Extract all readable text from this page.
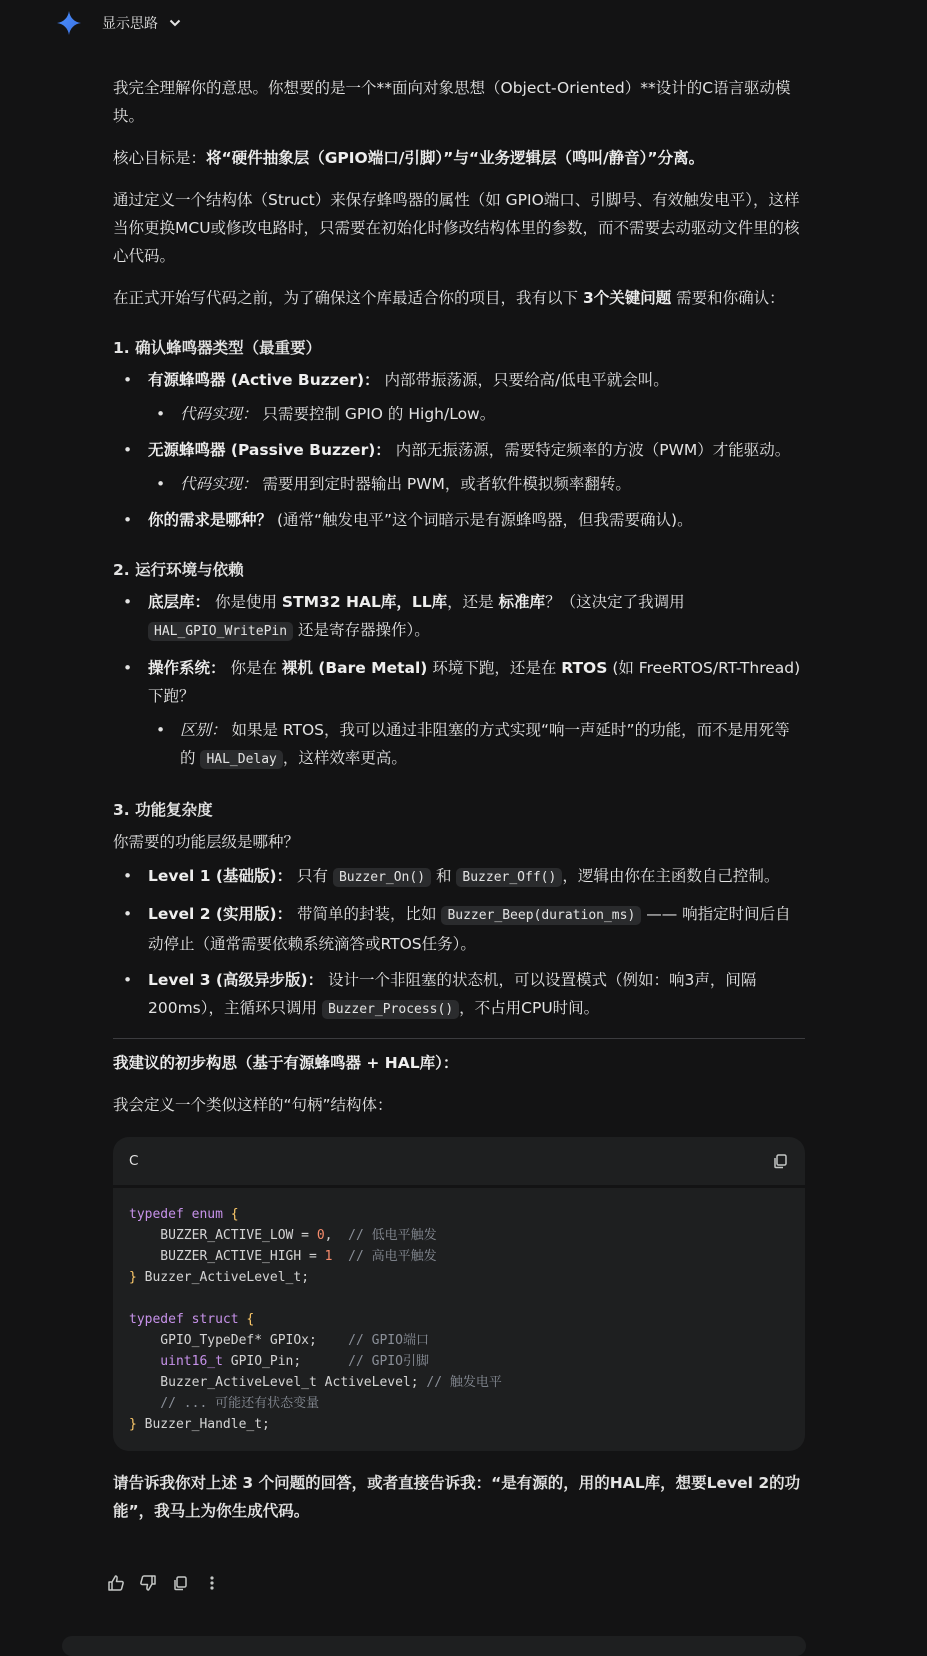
显示思路

我完全理解你的意思。你想要的是一个**面向对象思想（Object-Oriented）**设计的C语言驱动模块。

核心目标是：将“硬件抽象层（GPIO端口/引脚）”与“业务逻辑层（鸣叫/静音）”分离。

通过定义一个结构体（Struct）来保存蜂鸣器的属性（如 GPIO端口、引脚号、有效触发电平），这样当你更换MCU或修改电路时，只需要在初始化时修改结构体里的参数，而不需要去动驱动文件里的核心代码。

在正式开始写代码之前，为了确保这个库最适合你的项目，我有以下 3个关键问题 需要和你确认：

1. 确认蜂鸣器类型（最重要）
• 有源蜂鸣器 (Active Buzzer)： 内部带振荡源，只要给高/低电平就会叫。
• 代码实现： 只需要控制 GPIO 的 High/Low。
• 无源蜂鸣器 (Passive Buzzer)： 内部无振荡源，需要特定频率的方波（PWM）才能驱动。
• 代码实现： 需要用到定时器输出 PWM，或者软件模拟频率翻转。
• 你的需求是哪种？ (通常“触发电平”这个词暗示是有源蜂鸣器，但我需要确认)。
2. 运行环境与依赖
• 底层库： 你是使用 STM32 HAL库，LL库，还是 标准库？（这决定了我调用 HAL_GPIO_WritePin 还是寄存器操作）。
• 操作系统： 你是在 裸机 (Bare Metal) 环境下跑，还是在 RTOS (如 FreeRTOS/RT-Thread) 下跑？
• 区别： 如果是 RTOS，我可以通过非阻塞的方式实现“响一声延时”的功能，而不是用死等的 HAL_Delay ，这样效率更高。
3. 功能复杂度

你需要的功能层级是哪种？

• Level 1 (基础版)： 只有 Buzzer_On() 和 Buzzer_Off() ，逻辑由你在主函数自己控制。
• Level 2 (实用版)： 带简单的封装，比如 Buzzer_Beep(duration_ms) —— 响指定时间后自动停止（通常需要依赖系统滴答或RTOS任务）。
• Level 3 (高级异步版)： 设计一个非阻塞的状态机，可以设置模式（例如：响3声，间隔200ms），主循环只调用 Buzzer_Process() ，不占用CPU时间。

我建议的初步构思（基于有源蜂鸣器 + HAL库）：

我会定义一个类似这样的“句柄”结构体：

C
typedef enum {
BUZZER_ACTIVE_LOW = 0,  // 低电平触发
BUZZER_ACTIVE_HIGH = 1 // 高电平触发
} Buzzer_ActiveLevel_t;

typedef struct {
GPIO_TypeDef* GPIOx;    // GPIO端口
uint16_t GPIO_Pin;      // GPIO引脚
Buzzer_ActiveLevel_t ActiveLevel; // 触发电平
// ... 可能还有状态变量
} Buzzer_Handle_t;

请告诉我你对上述 3 个问题的回答，或者直接告诉我：“是有源的，用的HAL库，想要Level 2的功能”，我马上为你生成代码。
